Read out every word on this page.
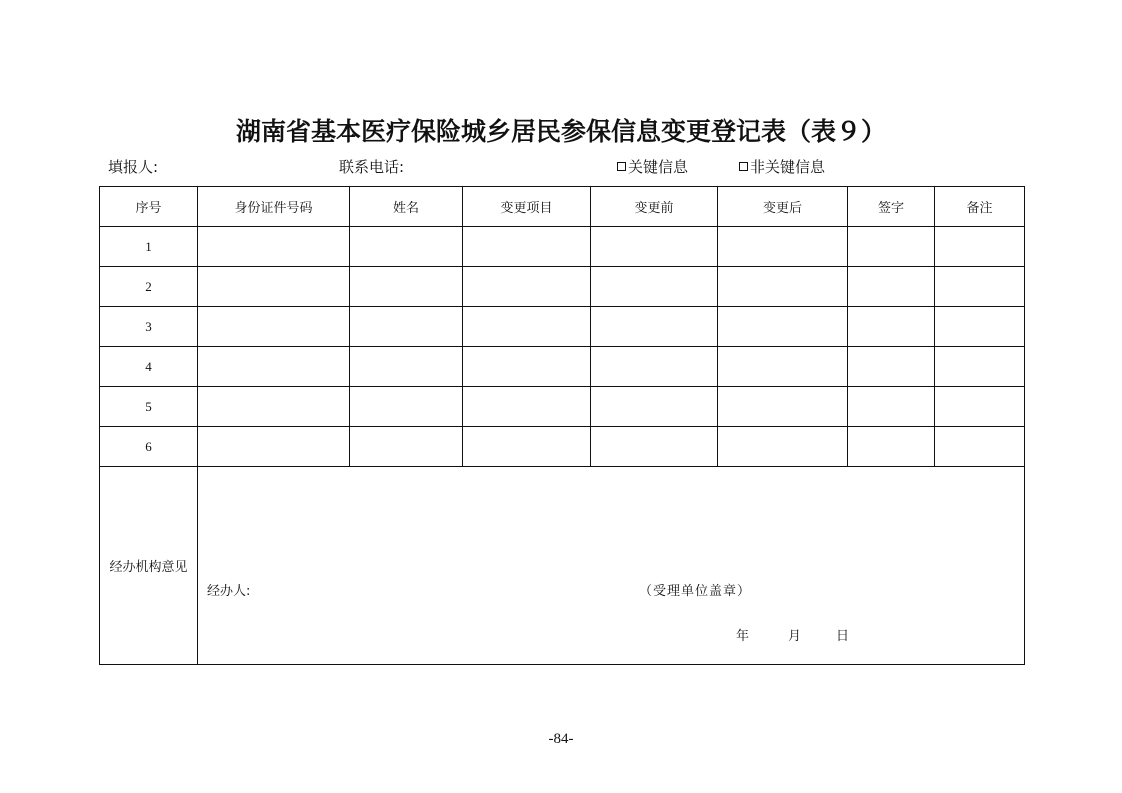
湖南省基本医疗保险城乡居民参保信息变更登记表（表９）
填报人:	联系电话:	关键信息	非关键信息
序号	身份证件号码	姓名	变更项目	变更前	变更后	签字	备注
1							
2							
3							
4							
5							
6							
经办机构意见	经办人: （受理单位盖章）
年 月 日						
-84-
